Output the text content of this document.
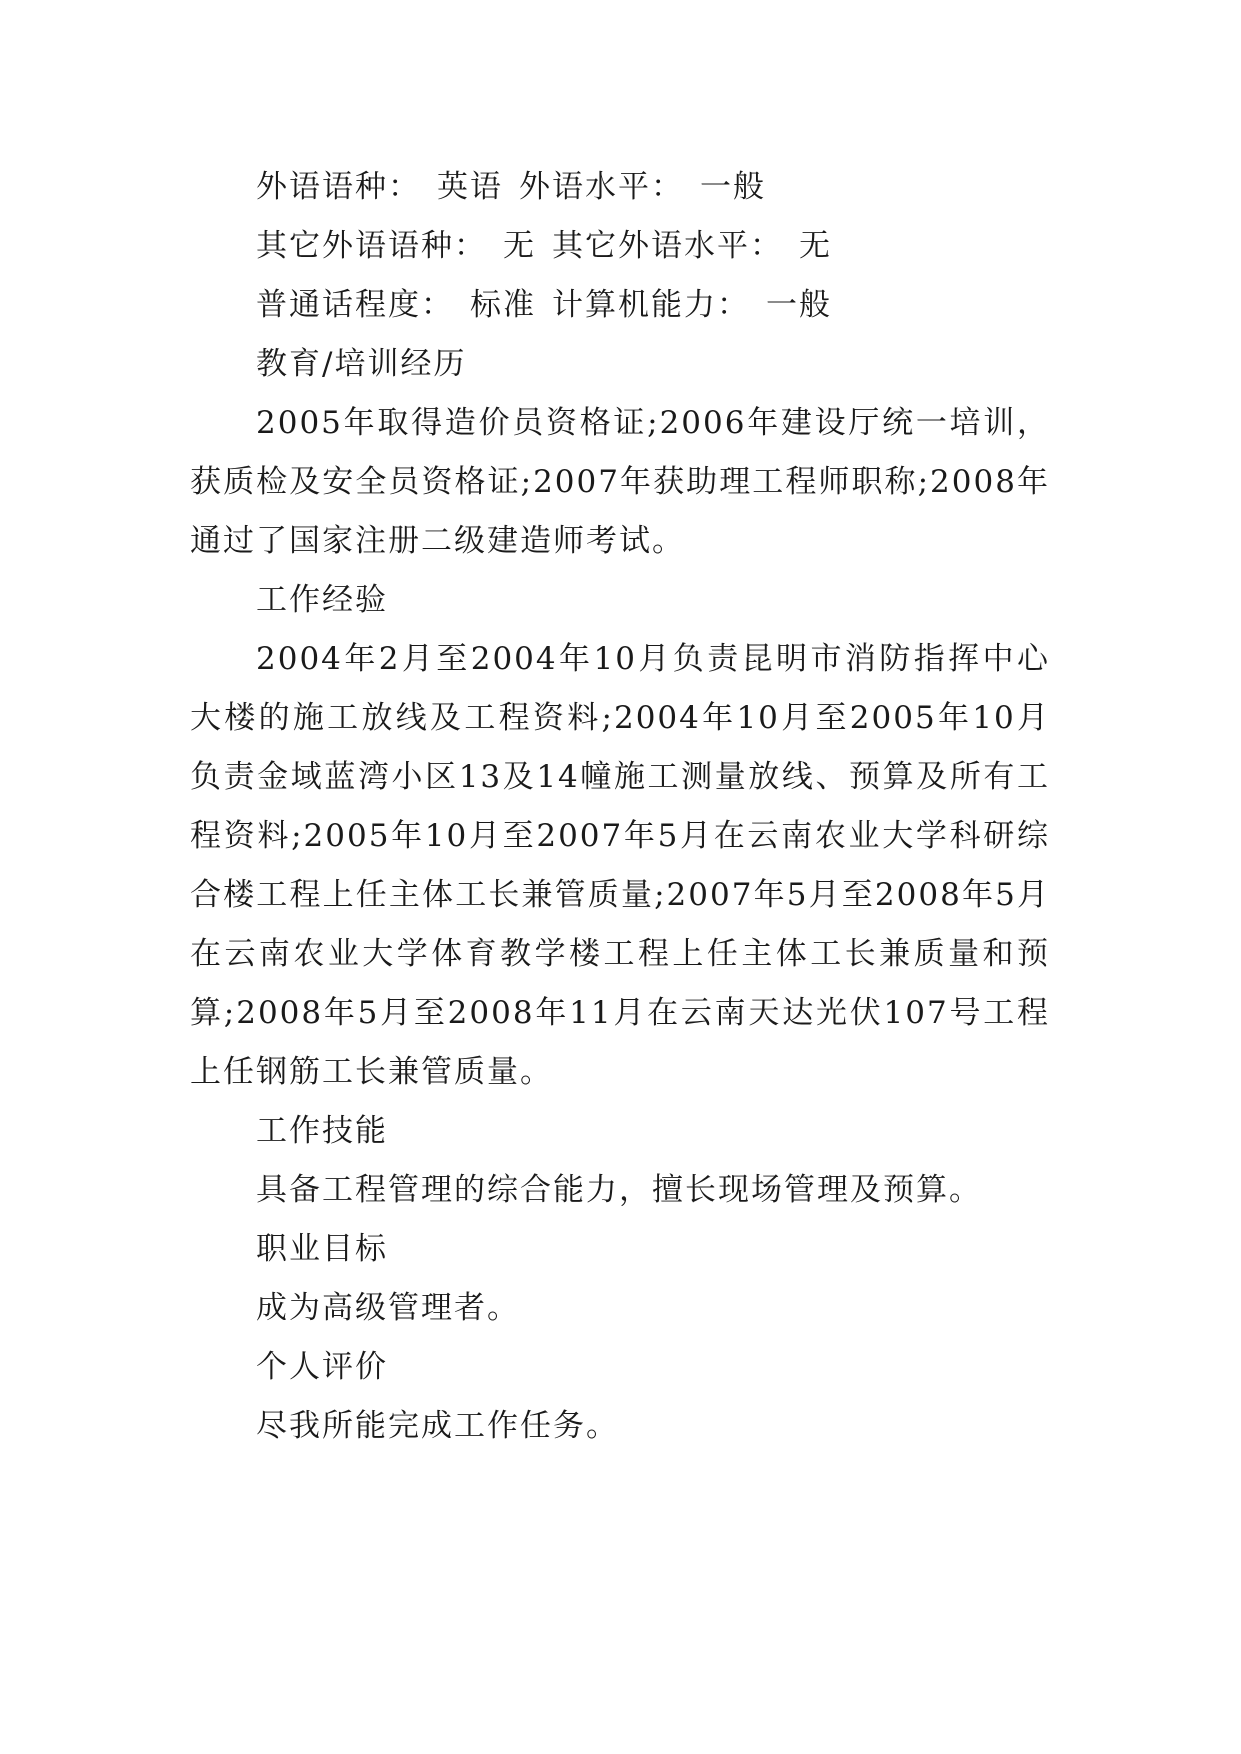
外语语种： 英语 外语水平： 一般
其它外语语种： 无 其它外语水平： 无
普通话程度： 标准 计算机能力： 一般
教育/培训经历
2005年取得造价员资格证;2006年建设厅统一培训，获质检及安全员资格证;2007年获助理工程师职称;2008年通过了国家注册二级建造师考试。
工作经验
2004年2月至2004年10月负责昆明市消防指挥中心大楼的施工放线及工程资料;2004年10月至2005年10月负责金域蓝湾小区13及14幢施工测量放线、预算及所有工程资料;2005年10月至2007年5月在云南农业大学科研综合楼工程上任主体工长兼管质量;2007年5月至2008年5月在云南农业大学体育教学楼工程上任主体工长兼质量和预算;2008年5月至2008年11月在云南天达光伏107号工程上任钢筋工长兼管质量。
工作技能
具备工程管理的综合能力，擅长现场管理及预算。
职业目标
成为高级管理者。
个人评价
尽我所能完成工作任务。
